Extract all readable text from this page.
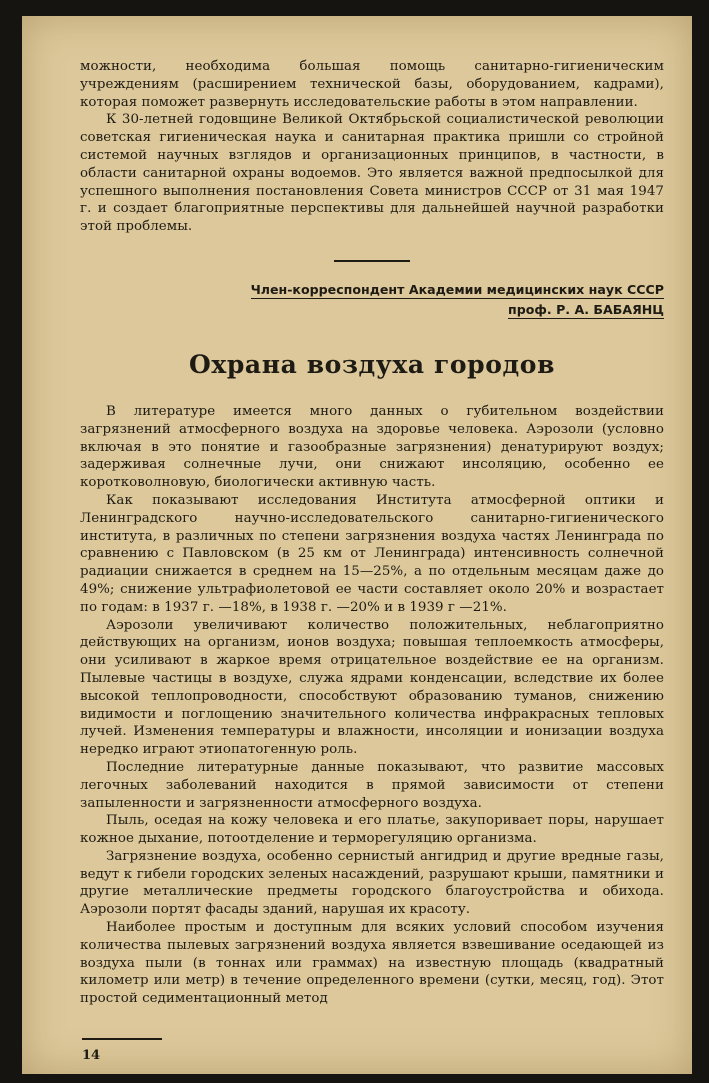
можности, необходима большая помощь санитарно-гигиеническим учреждениям (расширением технической базы, оборудованием, кадрами), которая поможет развернуть исследовательские работы в этом направлении.

К 30-летней годовщине Великой Октябрьской социалистической революции советская гигиеническая наука и санитарная практика пришли со стройной системой научных взглядов и организационных принципов, в частности, в области санитарной охраны водоемов. Это является важной предпосылкой для успешного выполнения постановления Совета министров СССР от 31 мая 1947 г. и создает благоприятные перспективы для дальнейшей научной разработки этой проблемы.

Член-корреспондент Академии медицинских наук СССР
проф. Р. А. БАБАЯНЦ
Охрана воздуха городов

В литературе имеется много данных о губительном воздействии загрязнений атмосферного воздуха на здоровье человека. Аэрозоли (условно включая в это понятие и газообразные загрязнения) денатурируют воздух; задерживая солнечные лучи, они снижают инсоляцию, особенно ее коротковолновую, биологически активную часть.

Как показывают исследования Института атмосферной оптики и Ленинградского научно-исследовательского санитарно-гигиенического института, в различных по степени загрязнения воздуха частях Ленинграда по сравнению с Павловском (в 25 км от Ленинграда) интенсивность солнечной радиации снижается в среднем на 15—25%, а по отдельным месяцам даже до 49%; снижение ультрафиолетовой ее части составляет около 20% и возрастает по годам: в 1937 г. —18%, в 1938 г. —20% и в 1939 г —21%.

Аэрозоли увеличивают количество положительных, неблагоприятно действующих на организм, ионов воздуха; повышая теплоемкость атмосферы, они усиливают в жаркое время отрицательное воздействие ее на организм. Пылевые частицы в воздухе, служа ядрами конденсации, вследствие их более высокой теплопроводности, способствуют образованию туманов, снижению видимости и поглощению значительного количества инфракрасных тепловых лучей. Изменения температуры и влажности, инсоляции и ионизации воздуха нередко играют этиопатогенную роль.

Последние литературные данные показывают, что развитие массовых легочных заболеваний находится в прямой зависимости от степени запыленности и загрязненности атмосферного воздуха.

Пыль, оседая на кожу человека и его платье, закупоривает поры, нарушает кожное дыхание, потоотделение и терморегуляцию организма.

Загрязнение воздуха, особенно сернистый ангидрид и другие вредные газы, ведут к гибели городских зеленых насаждений, разрушают крыши, памятники и другие металлические предметы городского благоустройства и обихода. Аэрозоли портят фасады зданий, нарушая их красоту.

Наиболее простым и доступным для всяких условий способом изучения количества пылевых загрязнений воздуха является взвешивание оседающей из воздуха пыли (в тоннах или граммах) на известную площадь (квадратный километр или метр) в течение определенного времени (сутки, месяц, год). Этот простой седиментационный метод

14
